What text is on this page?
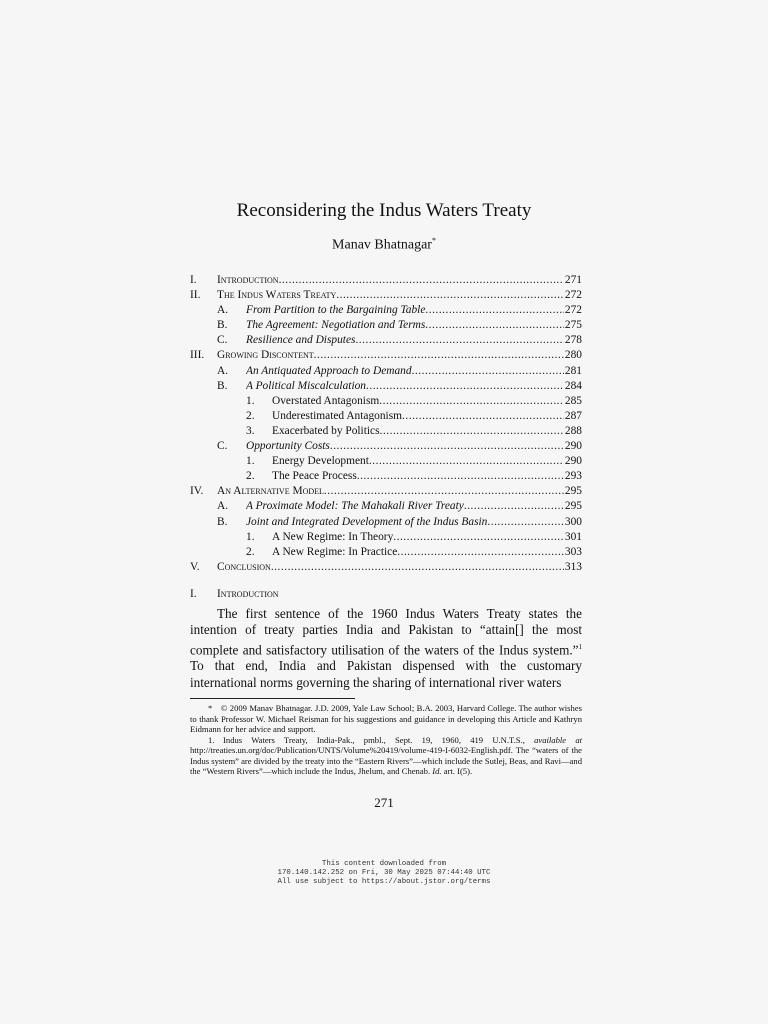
Reconsidering the Indus Waters Treaty
Manav Bhatnagar*
I. Introduction .....	271
II. The Indus Waters Treaty .....	272
A. From Partition to the Bargaining Table .....	272
B. The Agreement: Negotiation and Terms .....	275
C. Resilience and Disputes .....	278
III. Growing Discontent .....	280
A. An Antiquated Approach to Demand .....	281
B. A Political Miscalculation .....	284
1. Overstated Antagonism .....	285
2. Underestimated Antagonism .....	287
3. Exacerbated by Politics .....	288
C. Opportunity Costs .....	290
1. Energy Development .....	290
2. The Peace Process .....	293
IV. An Alternative Model .....	295
A. A Proximate Model: The Mahakali River Treaty .....	295
B. Joint and Integrated Development of the Indus Basin .....	300
1. A New Regime: In Theory .....	301
2. A New Regime: In Practice .....	303
V. Conclusion .....	313
I. Introduction
The first sentence of the 1960 Indus Waters Treaty states the intention of treaty parties India and Pakistan to “attain[] the most complete and satisfactory utilisation of the waters of the Indus system.”$^1$ To that end, India and Pakistan dispensed with the customary international norms governing the sharing of international river waters

* © 2009 Manav Bhatnagar. J.D. 2009, Yale Law School; B.A. 2003, Harvard College. The author wishes to thank Professor W. Michael Reisman for his suggestions and guidance in developing this Article and Kathryn Eidmann for her advice and support.

1. Indus Waters Treaty, India-Pak., pmbl., Sept. 19, 1960, 419 U.N.T.S., available at http://treaties.un.org/doc/Publication/UNTS/Volume%20419/volume-419-I-6032-English.pdf. The “waters of the Indus system” are divided by the treaty into the “Eastern Rivers”—which include the Sutlej, Beas, and Ravi—and the “Western Rivers”—which include the Indus, Jhelum, and Chenab. Id. art. I(5).

271
This content downloaded from
170.140.142.252 on Fri, 30 May 2025 07:44:40 UTC
All use subject to https://about.jstor.org/terms
